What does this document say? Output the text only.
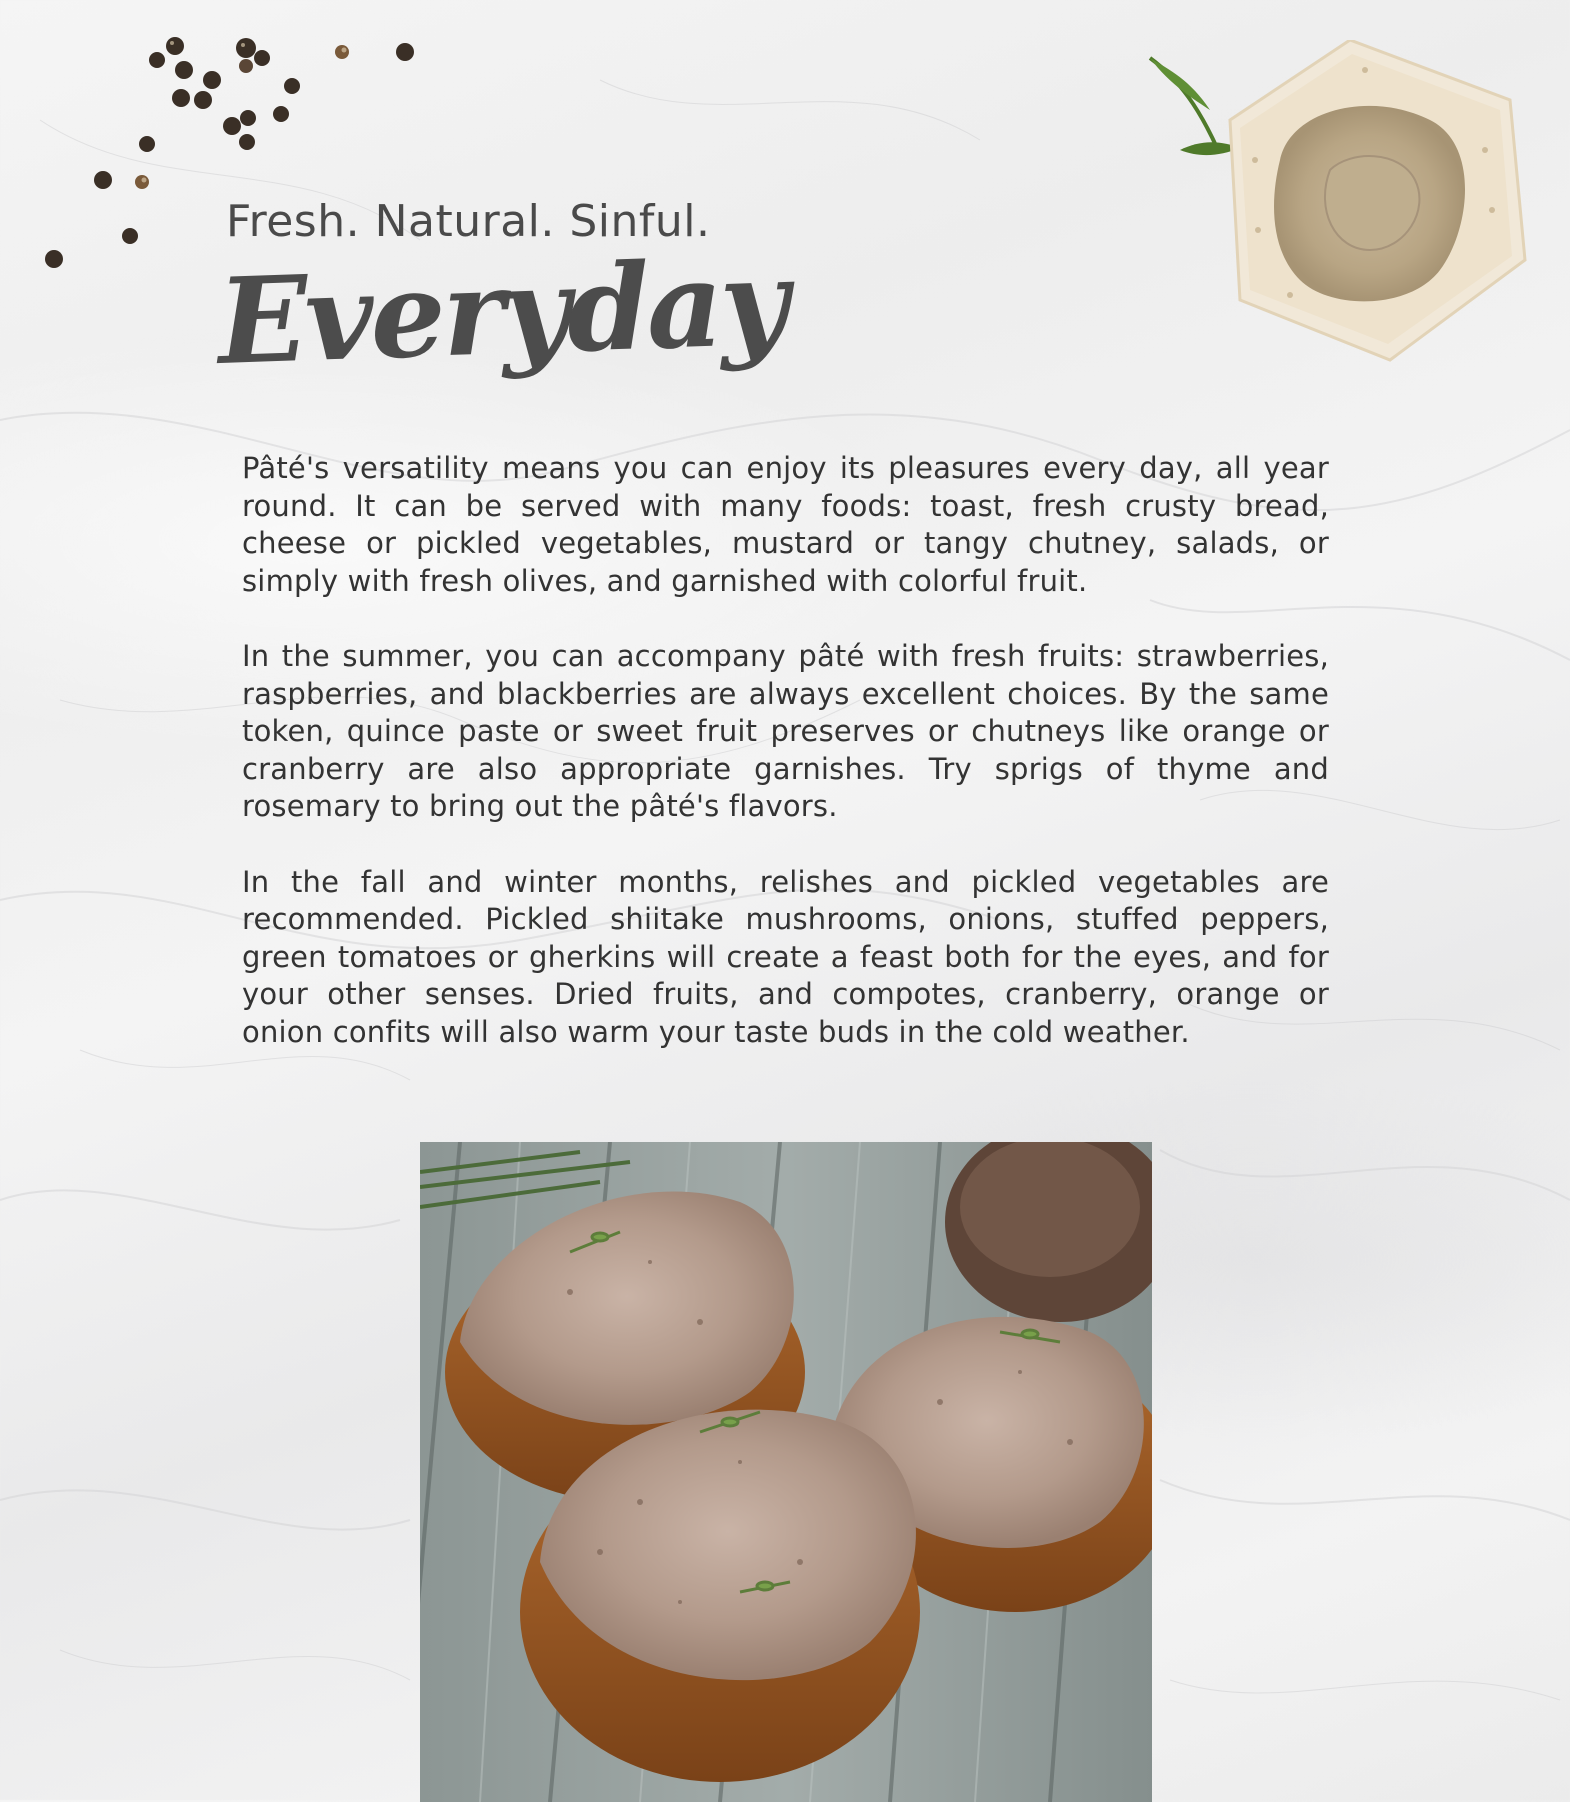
Fresh. Natural. Sinful.
Everyday

Pâté's versatility means you can enjoy its pleasures every day, all year round. It can be served with many foods: toast, fresh crusty bread, cheese or pickled vegetables, mustard or tangy chutney, salads, or simply with fresh olives, and garnished with colorful fruit.

In the summer, you can accompany pâté with fresh fruits: strawberries, raspberries, and blackberries are always excellent choices. By the same token, quince paste or sweet fruit preserves or chutneys like orange or cranberry are also appropriate garnishes. Try sprigs of thyme and rosemary to bring out the pâté's flavors.

In the fall and winter months, relishes and pickled vegetables are recommended. Pickled shiitake mushrooms, onions, stuffed peppers, green tomatoes or gherkins will create a feast both for the eyes, and for your other senses. Dried fruits, and compotes, cranberry, orange or onion confits will also warm your taste buds in the cold weather.
